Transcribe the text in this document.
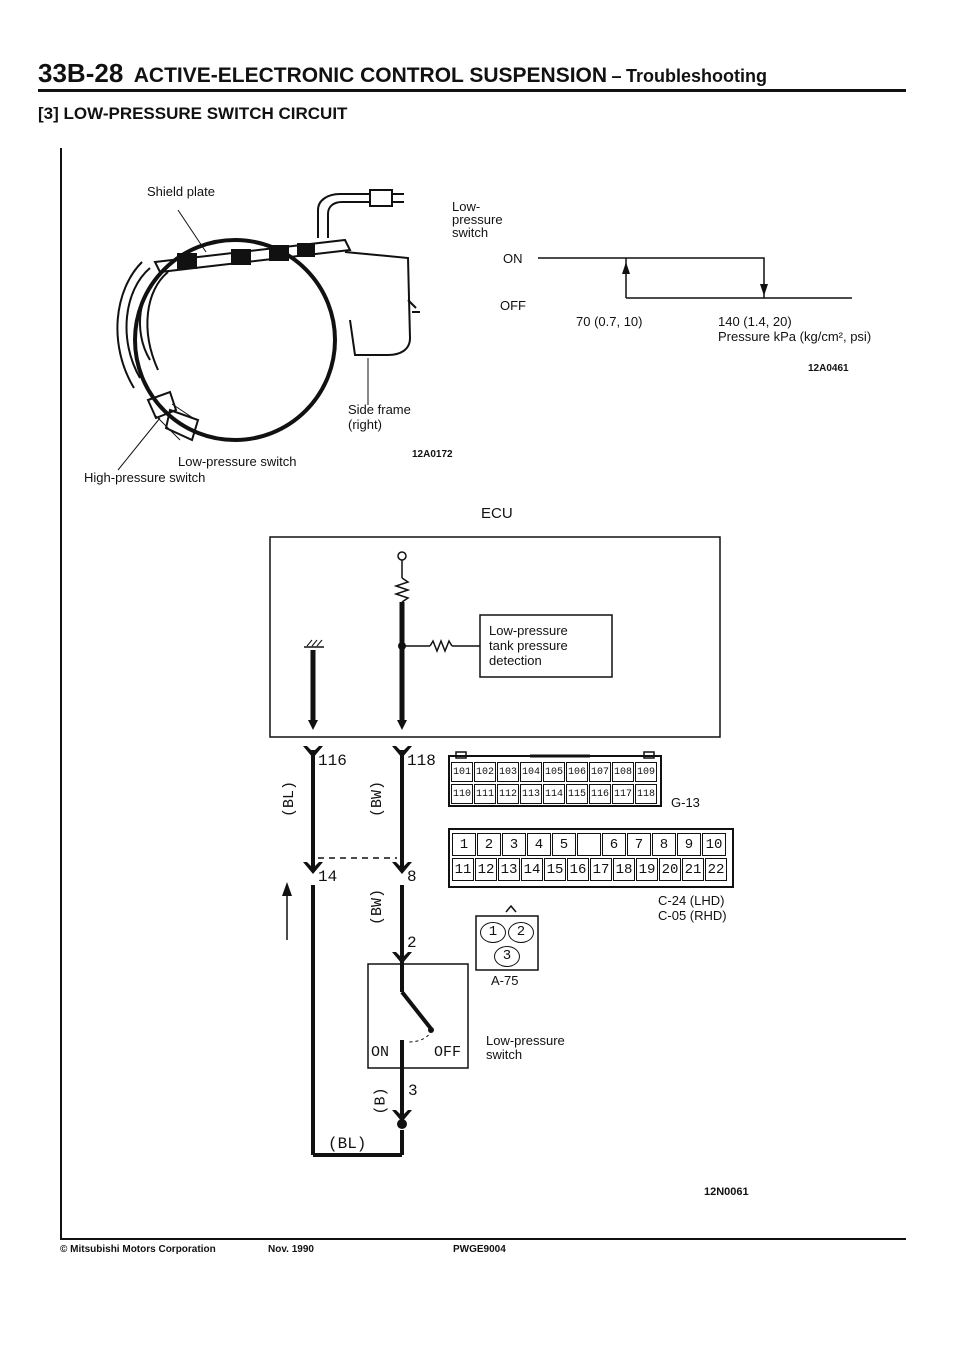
33B-28 ACTIVE-ELECTRONIC CONTROL SUSPENSION – Troubleshooting
[3] LOW-PRESSURE SWITCH CIRCUIT
Shield plate
Side frame
(right)
Low-pressure switch
High-pressure switch
12A0172
Low-
pressure
switch
ON
OFF
70 (0.7, 10)	140 (1.4, 20)
Pressure kPa (kg/cm², psi)
12A0461
101 102 103 104 105 106 107 108 109
110 111 112 113 114 115 116 117 118
1	2	3	4	5	6	7	8	9 10
11 12 13 14 15 16 17 18 19 20 21 22
1	2
3
ECU
Low-pressure
tank pressure
detection
116	118
(BL)	(BW)
14	8
(BW)
2
ON	OFF
3
(B)
(BL)
Low-pressure
switch
G-13
C-24 (LHD)
C-05 (RHD)
A-75
12N0061
© Mitsubishi Motors Corporation	Nov. 1990	PWGE9004
